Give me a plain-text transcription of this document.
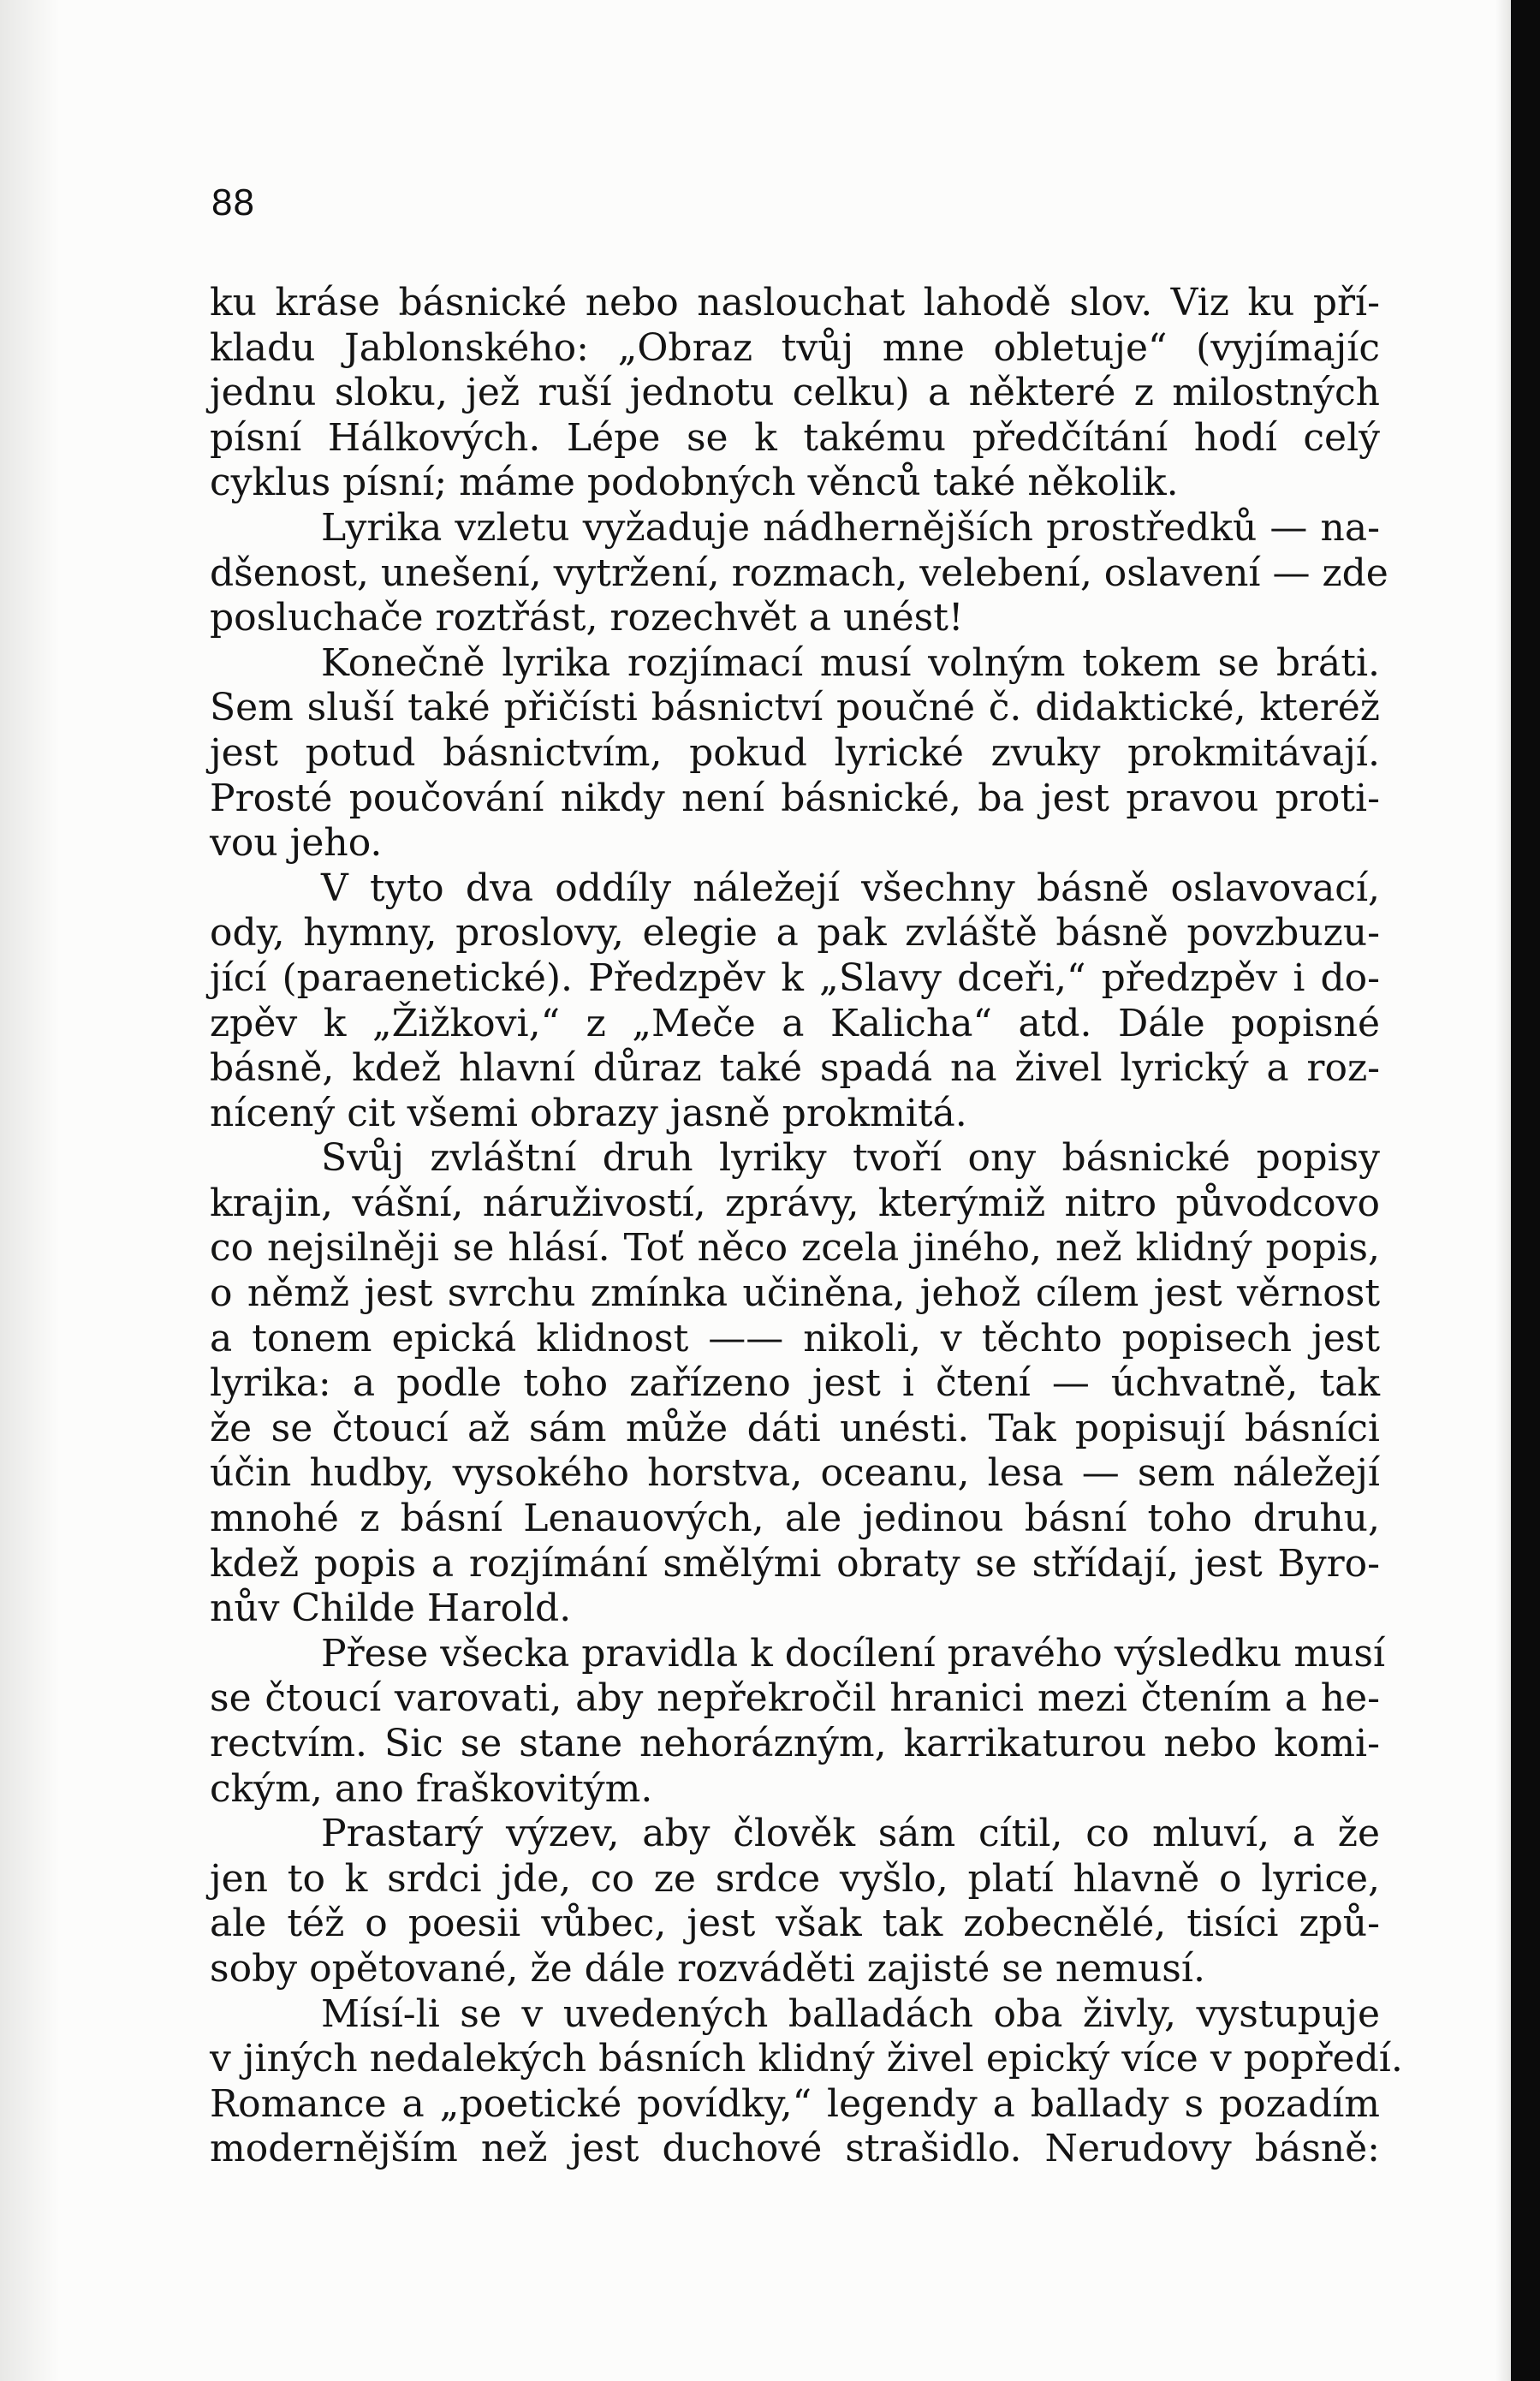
88
ku kráse básnické nebo naslouchat lahodě slov. Viz ku pří-
kladu Jablonského: „Obraz tvůj mne obletuje“ (vyjímajíc
jednu sloku, jež ruší jednotu celku) a některé z milostných
písní Hálkových. Lépe se k takému předčítání hodí celý
cyklus písní; máme podobných věnců také několik.
Lyrika vzletu vyžaduje nádhernějších prostředků — na-
dšenost, unešení, vytržení, rozmach, velebení, oslavení — zde
posluchače roztřást, rozechvět a unést!
Konečně lyrika rozjímací musí volným tokem se bráti.
Sem sluší také přičísti básnictví poučné č. didaktické, kteréž
jest potud básnictvím, pokud lyrické zvuky prokmitávají.
Prosté poučování nikdy není básnické, ba jest pravou proti-
vou jeho.
V tyto dva oddíly náležejí všechny básně oslavovací,
ody, hymny, proslovy, elegie a pak zvláště básně povzbuzu-
jící (paraenetické). Předzpěv k „Slavy dceři,“ předzpěv i do-
zpěv k „Žižkovi,“ z „Meče a Kalicha“ atd. Dále popisné
básně, kdež hlavní důraz také spadá na živel lyrický a roz-
nícený cit všemi obrazy jasně prokmitá.
Svůj zvláštní druh lyriky tvoří ony básnické popisy
krajin, vášní, náruživostí, zprávy, kterýmiž nitro původcovo
co nejsilněji se hlásí. Toť něco zcela jiného, než klidný popis,
o němž jest svrchu zmínka učiněna, jehož cílem jest věrnost
a tonem epická klidnost —— nikoli, v těchto popisech jest
lyrika: a podle toho zařízeno jest i čtení — úchvatně, tak
že se čtoucí až sám může dáti unésti. Tak popisují básníci
účin hudby, vysokého horstva, oceanu, lesa — sem náležejí
mnohé z básní Lenauových, ale jedinou básní toho druhu,
kdež popis a rozjímání smělými obraty se střídají, jest Byro-
nův Childe Harold.
Přese všecka pravidla k docílení pravého výsledku musí
se čtoucí varovati, aby nepřekročil hranici mezi čtením a he-
rectvím. Sic se stane nehorázným, karrikaturou nebo komi-
ckým, ano fraškovitým.
Prastarý výzev, aby člověk sám cítil, co mluví, a že
jen to k srdci jde, co ze srdce vyšlo, platí hlavně o lyrice,
ale též o poesii vůbec, jest však tak zobecnělé, tisíci způ-
soby opětované, že dále rozváděti zajisté se nemusí.
Mísí-li se v uvedených balladách oba živly, vystupuje
v jiných nedalekých básních klidný živel epický více v popředí.
Romance a „poetické povídky,“ legendy a ballady s pozadím
modernějším než jest duchové strašidlo. Nerudovy básně:
